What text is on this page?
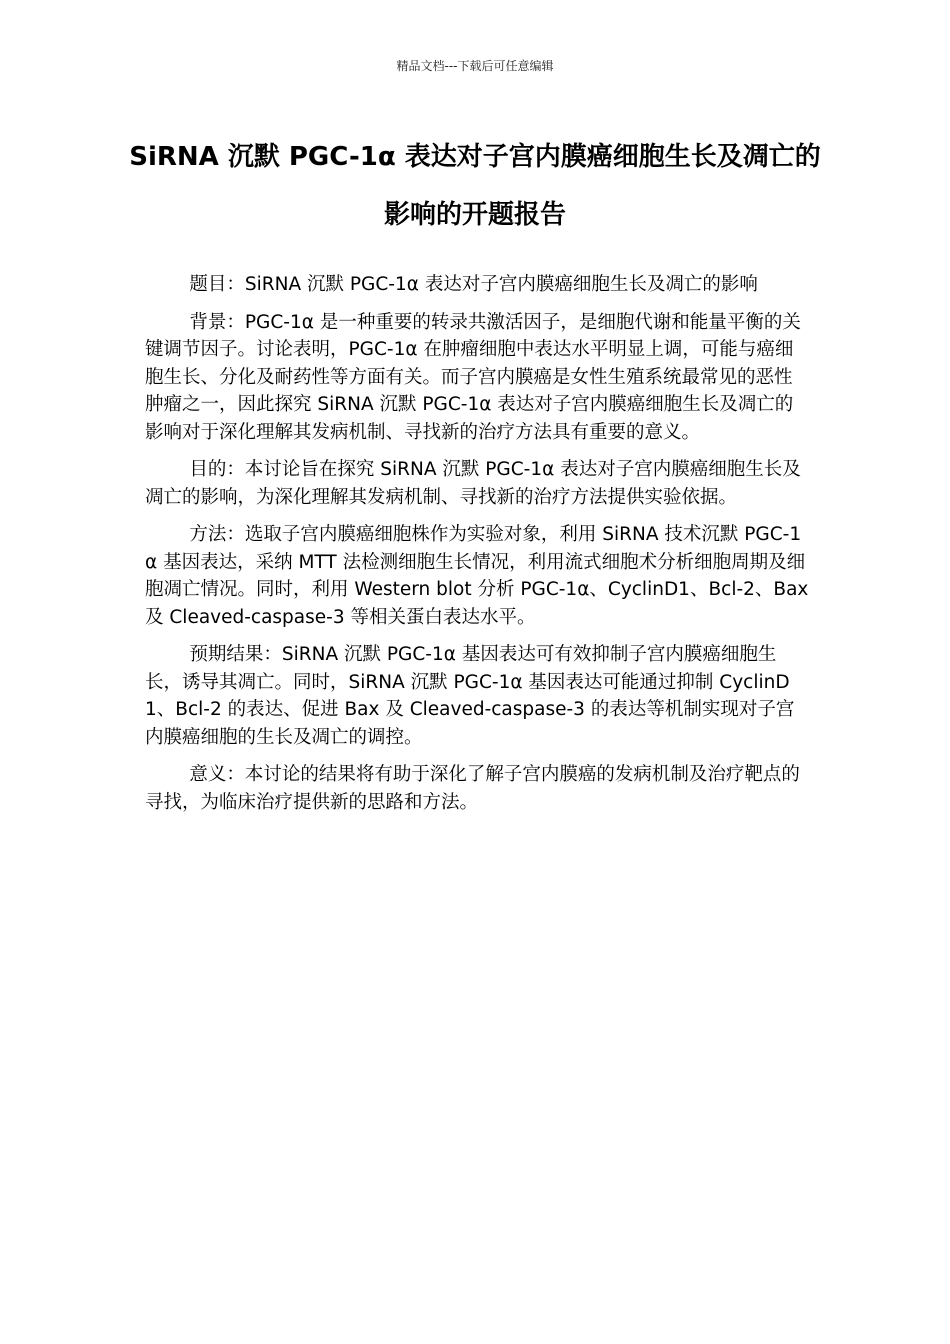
精品文档---下载后可任意编辑
SiRNA 沉默 PGC-1α 表达对子宫内膜癌细胞生长及凋亡的影响的开题报告

题目：SiRNA 沉默 PGC-1α 表达对子宫内膜癌细胞生长及凋亡的影响

背景：PGC-1α 是一种重要的转录共激活因子，是细胞代谢和能量平衡的关键调节因子。讨论表明，PGC-1α 在肿瘤细胞中表达水平明显上调，可能与癌细胞生长、分化及耐药性等方面有关。而子宫内膜癌是女性生殖系统最常见的恶性肿瘤之一，因此探究 SiRNA 沉默 PGC-1α 表达对子宫内膜癌细胞生长及凋亡的影响对于深化理解其发病机制、寻找新的治疗方法具有重要的意义。

目的：本讨论旨在探究 SiRNA 沉默 PGC-1α 表达对子宫内膜癌细胞生长及凋亡的影响，为深化理解其发病机制、寻找新的治疗方法提供实验依据。

方法：选取子宫内膜癌细胞株作为实验对象，利用 SiRNA 技术沉默 PGC-1α 基因表达，采纳 MTT 法检测细胞生长情况，利用流式细胞术分析细胞周期及细胞凋亡情况。同时，利用 Western blot 分析 PGC-1α、CyclinD1、Bcl-2、Bax 及 Cleaved-caspase-3 等相关蛋白表达水平。

预期结果：SiRNA 沉默 PGC-1α 基因表达可有效抑制子宫内膜癌细胞生长，诱导其凋亡。同时，SiRNA 沉默 PGC-1α 基因表达可能通过抑制 CyclinD1、Bcl-2 的表达、促进 Bax 及 Cleaved-caspase-3 的表达等机制实现对子宫内膜癌细胞的生长及凋亡的调控。

意义：本讨论的结果将有助于深化了解子宫内膜癌的发病机制及治疗靶点的寻找，为临床治疗提供新的思路和方法。
